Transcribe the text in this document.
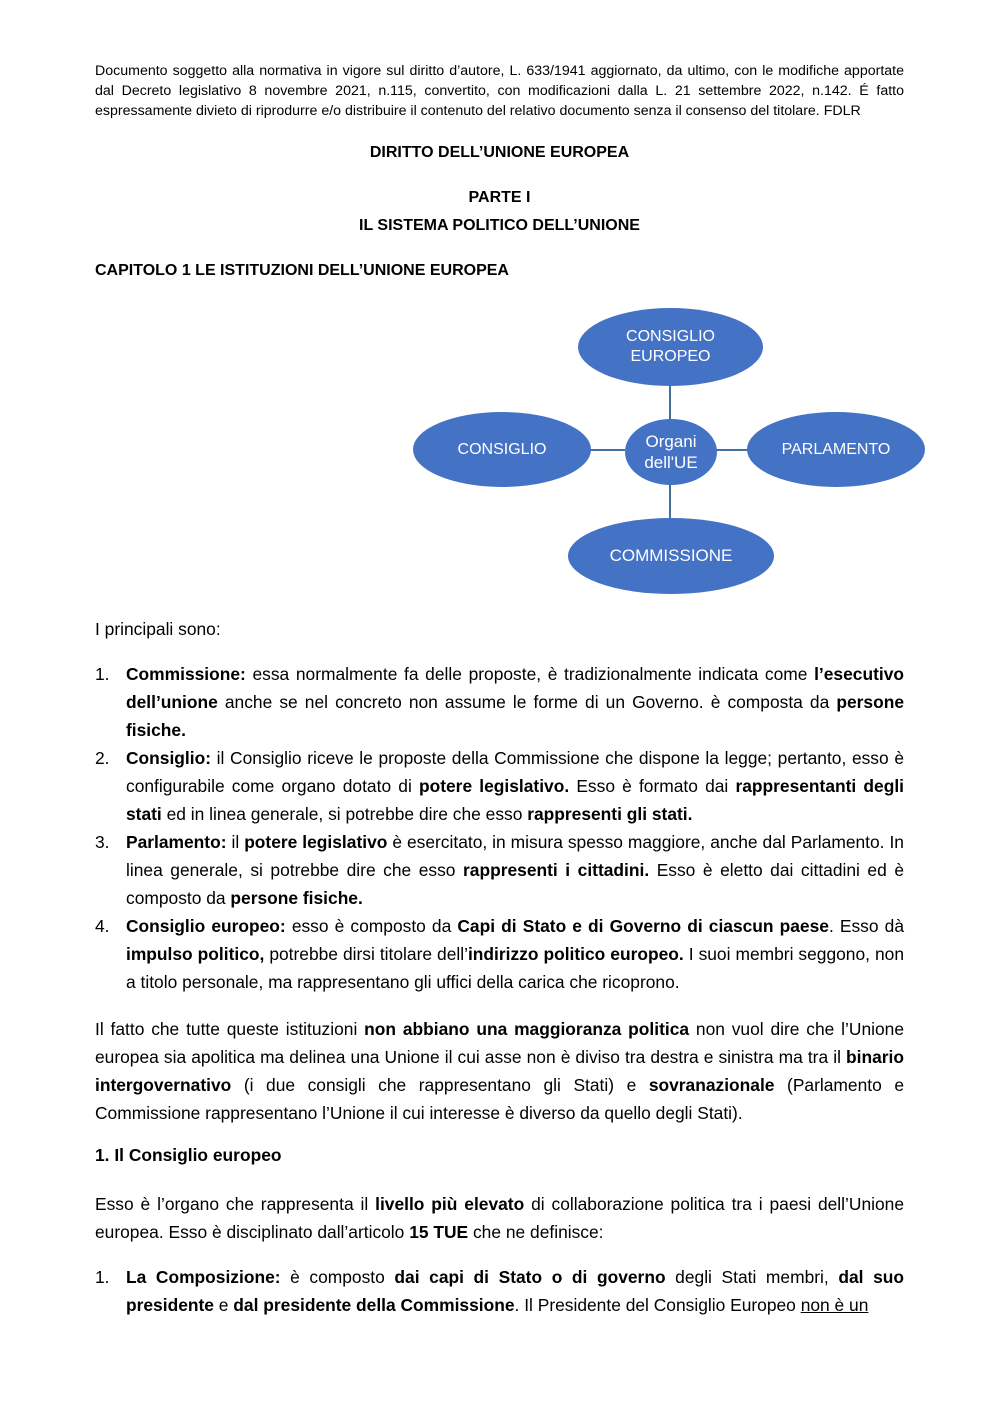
Documento soggetto alla normativa in vigore sul diritto d’autore, L. 633/1941 aggiornato, da ultimo, con le modifiche apportate dal Decreto legislativo 8 novembre 2021, n.115, convertito, con modificazioni dalla L. 21 settembre 2022, n.142. É fatto espressamente divieto di riprodurre e/o distribuire il contenuto del relativo documento senza il consenso del titolare. FDLR
DIRITTO DELL’UNIONE EUROPEA
PARTE I
IL SISTEMA POLITICO DELL’UNIONE
CAPITOLO 1 LE ISTITUZIONI DELL’UNIONE EUROPEA
CONSIGLIO
EUROPEO
Organi
dell'UE
CONSIGLIO	PARLAMENTO
COMMISSIONE
I principali sono:
1. Commissione: essa normalmente fa delle proposte, è tradizionalmente indicata come l’esecutivo dell’unione anche se nel concreto non assume le forme di un Governo. è composta da persone fisiche.
2. Consiglio: il Consiglio riceve le proposte della Commissione che dispone la legge; pertanto, esso è configurabile come organo dotato di potere legislativo. Esso è formato dai rappresentanti degli stati ed in linea generale, si potrebbe dire che esso rappresenti gli stati.
3. Parlamento: il potere legislativo è esercitato, in misura spesso maggiore, anche dal Parlamento. In linea generale, si potrebbe dire che esso rappresenti i cittadini. Esso è eletto dai cittadini ed è composto da persone fisiche.
4. Consiglio europeo: esso è composto da Capi di Stato e di Governo di ciascun paese. Esso dà impulso politico, potrebbe dirsi titolare dell’indirizzo politico europeo. I suoi membri seggono, non a titolo personale, ma rappresentano gli uffici della carica che ricoprono.
Il fatto che tutte queste istituzioni non abbiano una maggioranza politica non vuol dire che l’Unione europea sia apolitica ma delinea una Unione il cui asse non è diviso tra destra e sinistra ma tra il binario intergovernativo (i due consigli che rappresentano gli Stati) e sovranazionale (Parlamento e Commissione rappresentano l’Unione il cui interesse è diverso da quello degli Stati).
1. Il Consiglio europeo
Esso è l’organo che rappresenta il livello più elevato di collaborazione politica tra i paesi dell’Unione europea. Esso è disciplinato dall’articolo 15 TUE che ne definisce:
1. La Composizione: è composto dai capi di Stato o di governo degli Stati membri, dal suo presidente e dal presidente della Commissione. Il Presidente del Consiglio Europeo non è un
